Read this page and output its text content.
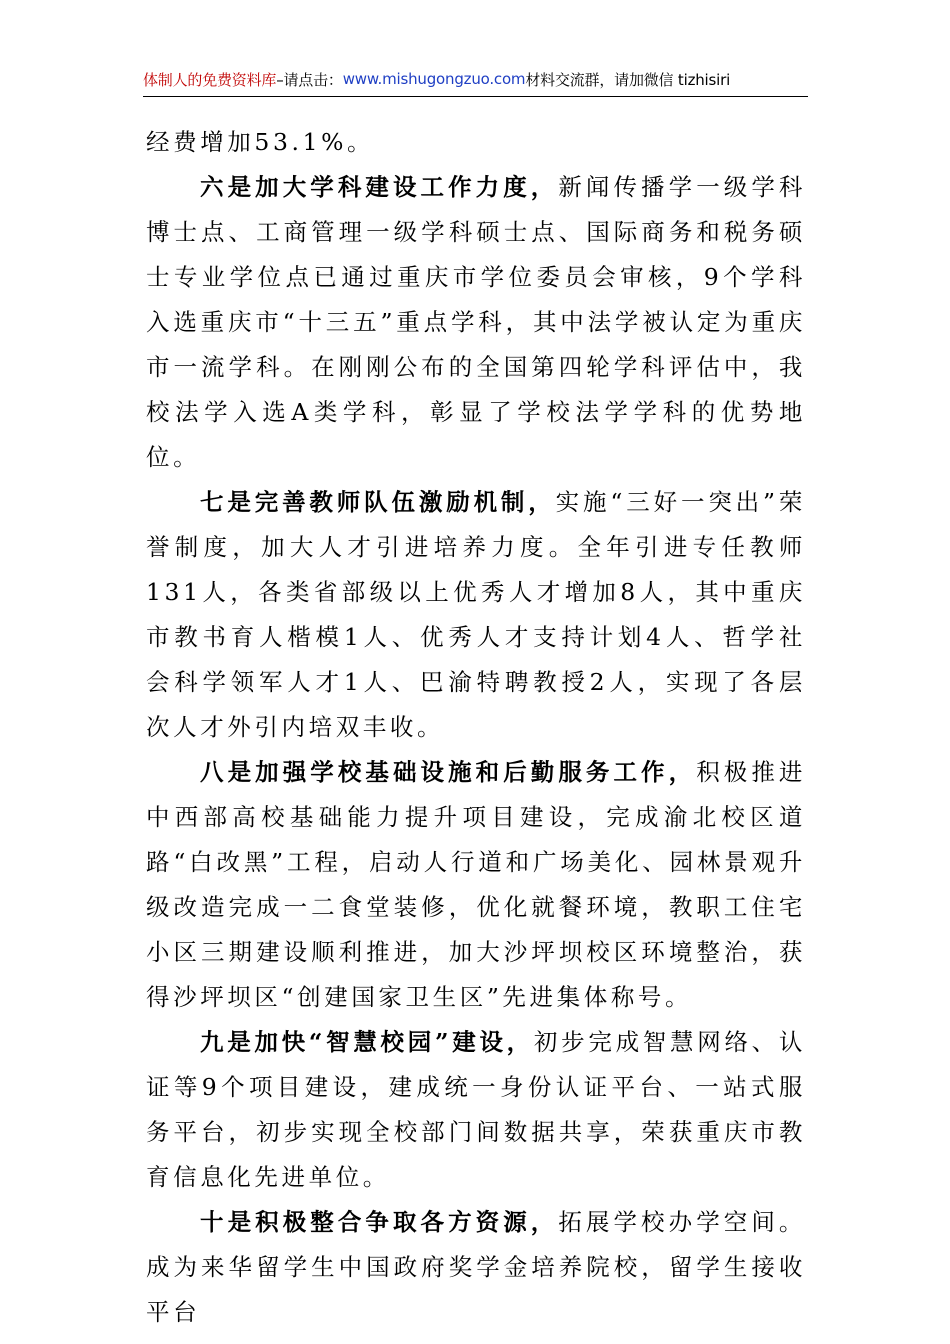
体制人的免费资料库 –请点击： www.mishugongzuo.com 材料交流群，请加微信 tizhisiri

经费增加53.1%。

六是加大学科建设工作力度，新闻传播学一级学科博士点、工商管理一级学科硕士点、国际商务和税务硕士专业学位点已通过重庆市学位委员会审核，9个学科入选重庆市“十三五”重点学科，其中法学被认定为重庆市一流学科。在刚刚公布的全国第四轮学科评估中，我校法学入选A类学科，彰显了学校法学学科的优势地位。

七是完善教师队伍激励机制，实施“三好一突出”荣誉制度，加大人才引进培养力度。全年引进专任教师131人，各类省部级以上优秀人才增加8人，其中重庆市教书育人楷模1人、优秀人才支持计划4人、哲学社会科学领军人才1人、巴渝特聘教授2人，实现了各层次人才外引内培双丰收。

八是加强学校基础设施和后勤服务工作，积极推进中西部高校基础能力提升项目建设，完成渝北校区道路“白改黑”工程，启动人行道和广场美化、园林景观升级改造完成一二食堂装修，优化就餐环境，教职工住宅小区三期建设顺利推进，加大沙坪坝校区环境整治，获得沙坪坝区“创建国家卫生区”先进集体称号。

九是加快“智慧校园”建设，初步完成智慧网络、认证等9个项目建设，建成统一身份认证平台、一站式服务平台，初步实现全校部门间数据共享，荣获重庆市教育信息化先进单位。

十是积极整合争取各方资源，拓展学校办学空间。成为来华留学生中国政府奖学金培养院校，留学生接收平台
